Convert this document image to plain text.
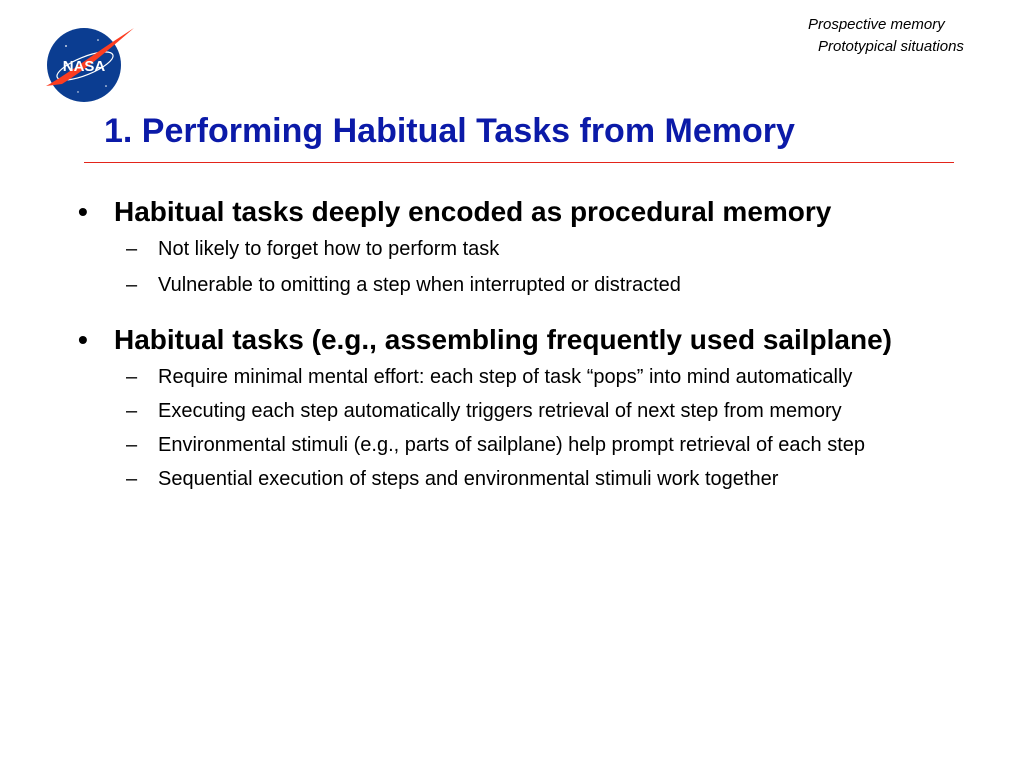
NASA
Prospective memory
Prototypical situations
1. Performing Habitual Tasks from Memory
• Habitual tasks deeply encoded as procedural memory
– Not likely to forget how to perform task
– Vulnerable to omitting a step when interrupted or distracted
• Habitual tasks (e.g., assembling frequently used sailplane)
– Require minimal mental effort: each step of task “pops” into mind automatically
– Executing each step automatically triggers retrieval of next step from memory
– Environmental stimuli (e.g., parts of sailplane) help prompt retrieval of each step
– Sequential execution of steps and environmental stimuli work together
